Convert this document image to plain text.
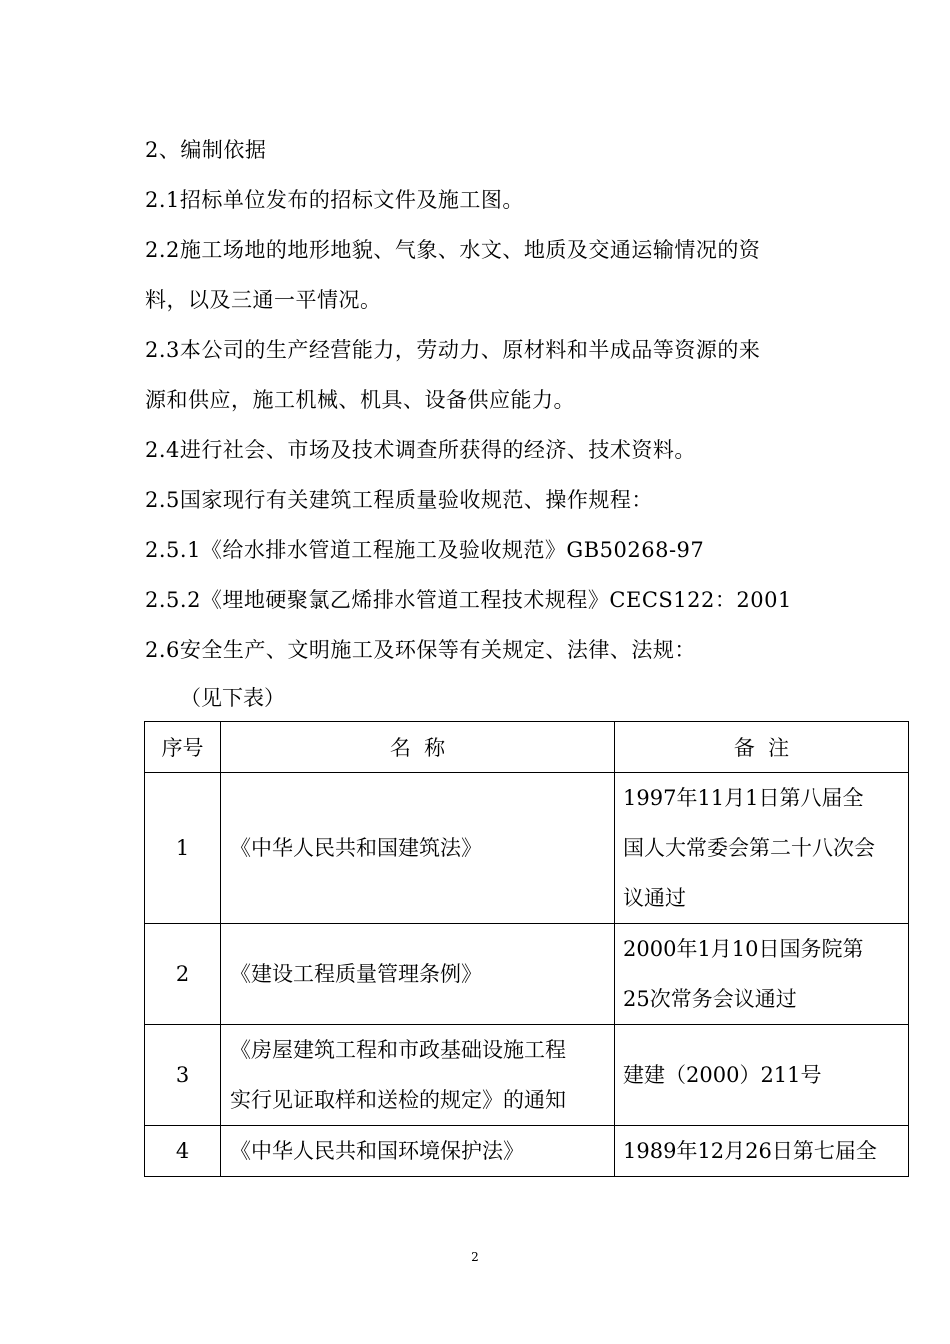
2、编制依据
2.1招标单位发布的招标文件及施工图。
2.2施工场地的地形地貌、气象、水文、地质及交通运输情况的资
料，以及三通一平情况。
2.3本公司的生产经营能力，劳动力、原材料和半成品等资源的来
源和供应，施工机械、机具、设备供应能力。
2.4进行社会、市场及技术调查所获得的经济、技术资料。
2.5国家现行有关建筑工程质量验收规范、操作规程：
2.5.1《给水排水管道工程施工及验收规范》GB50268-97
2.5.2《埋地硬聚氯乙烯排水管道工程技术规程》CECS122：2001
2.6安全生产、文明施工及环保等有关规定、法律、法规：
（见下表）
序号	名  称	备  注
1	《中华人民共和国建筑法》	1997年11月1日第八届全
国人大常委会第二十八次会
议通过

2	《建设工程质量管理条例》	2000年1月10日国务院第
25次常务会议通过

3	《房屋建筑工程和市政基础设施工程
实行见证取样和送检的规定》的通知	建建（2000）211号
4	《中华人民共和国环境保护法》	1989年12月26日第七届全
2
